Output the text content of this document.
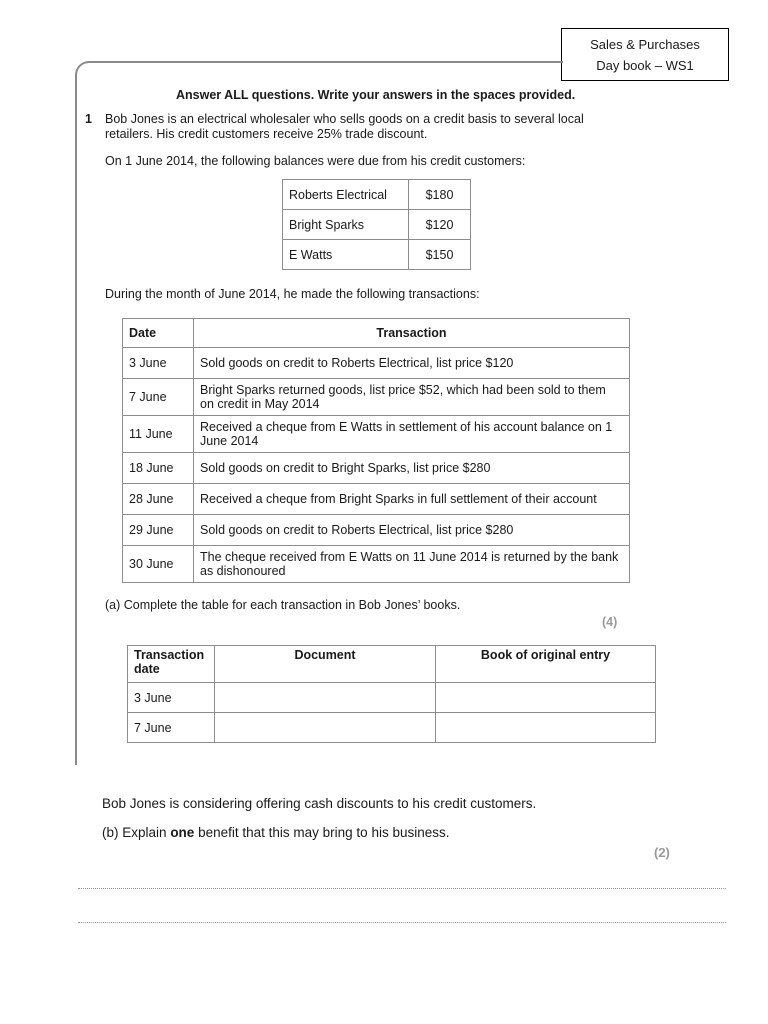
Sales & Purchases
Day book – WS1
Answer ALL questions. Write your answers in the spaces provided.
1 Bob Jones is an electrical wholesaler who sells goods on a credit basis to several local
retailers. His credit customers receive 25% trade discount.
On 1 June 2014, the following balances were due from his credit customers:
Roberts Electrical	$180
Bright Sparks	$120
E Watts	$150
During the month of June 2014, he made the following transactions:
Date	Transaction
3 June	Sold goods on credit to Roberts Electrical, list price $120
7 June	Bright Sparks returned goods, list price $52, which had been sold to them on credit in May 2014
11 June	Received a cheque from E Watts in settlement of his account balance on 1 June 2014
18 June	Sold goods on credit to Bright Sparks, list price $280
28 June	Received a cheque from Bright Sparks in full settlement of their account
29 June	Sold goods on credit to Roberts Electrical, list price $280
30 June	The cheque received from E Watts on 11 June 2014 is returned by the bank as dishonoured
(a) Complete the table for each transaction in Bob Jones’ books.
(4)
Transaction date	Document	Book of original entry
3 June		
7 June		
Bob Jones is considering offering cash discounts to his credit customers.
(b) Explain one benefit that this may bring to his business.
(2)
